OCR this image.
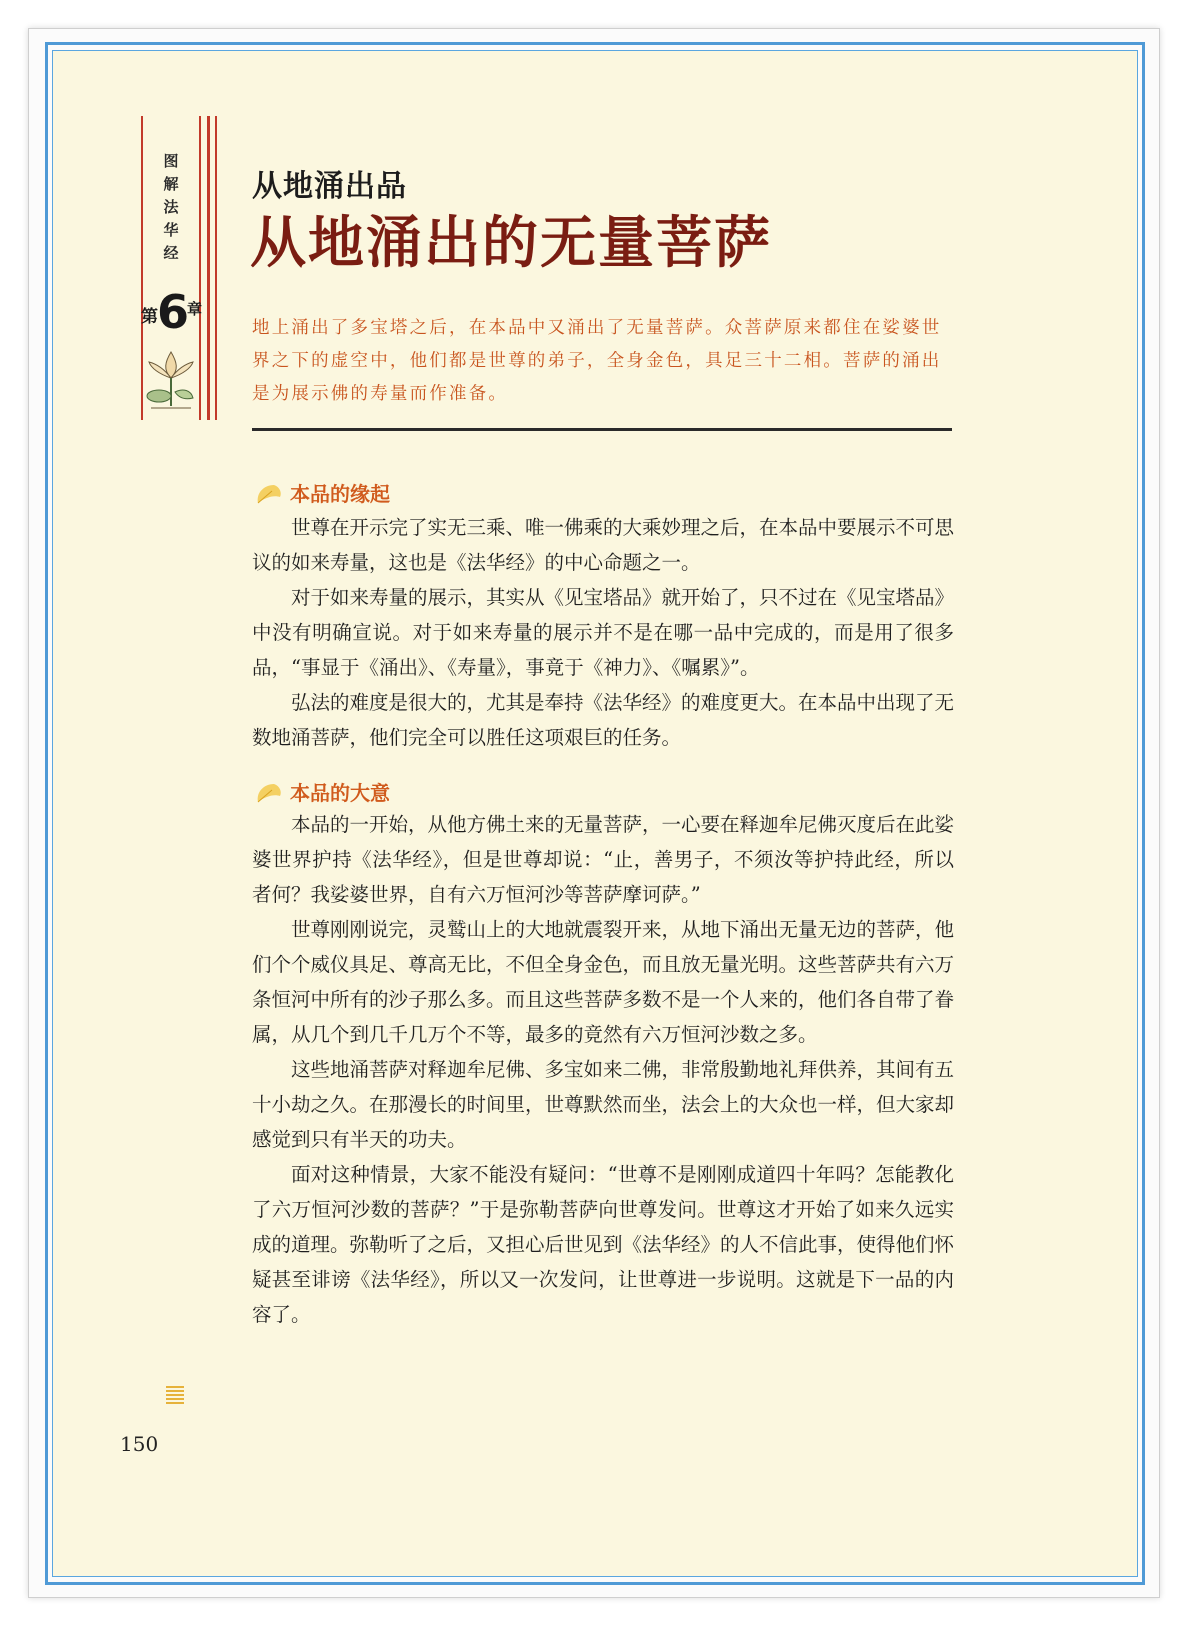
图
解
法
华
经
第 6
章
从地涌出品
从地涌出的无量菩萨
地上涌出了多宝塔之后，在本品中又涌出了无量菩萨。众菩萨原来都住在娑婆世界之下的虚空中，他们都是世尊的弟子，全身金色，具足三十二相。菩萨的涌出是为展示佛的寿量而作准备。
本品的缘起

世尊在开示完了实无三乘、唯一佛乘的大乘妙理之后，在本品中要展示不可思议的如来寿量，这也是《法华经》的中心命题之一。

对于如来寿量的展示，其实从《见宝塔品》就开始了，只不过在《见宝塔品》中没有明确宣说。对于如来寿量的展示并不是在哪一品中完成的，而是用了很多品，“事显于《涌出》、《寿量》，事竟于《神力》、《嘱累》”。

弘法的难度是很大的，尤其是奉持《法华经》的难度更大。在本品中出现了无数地涌菩萨，他们完全可以胜任这项艰巨的任务。

本品的大意

本品的一开始，从他方佛土来的无量菩萨，一心要在释迦牟尼佛灭度后在此娑婆世界护持《法华经》，但是世尊却说：“止，善男子，不须汝等护持此经，所以者何？我娑婆世界，自有六万恒河沙等菩萨摩诃萨。”

世尊刚刚说完，灵鹫山上的大地就震裂开来，从地下涌出无量无边的菩萨，他们个个威仪具足、尊高无比，不但全身金色，而且放无量光明。这些菩萨共有六万条恒河中所有的沙子那么多。而且这些菩萨多数不是一个人来的，他们各自带了眷属，从几个到几千几万个不等，最多的竟然有六万恒河沙数之多。

这些地涌菩萨对释迦牟尼佛、多宝如来二佛，非常殷勤地礼拜供养，其间有五十小劫之久。在那漫长的时间里，世尊默然而坐，法会上的大众也一样，但大家却感觉到只有半天的功夫。

面对这种情景，大家不能没有疑问：“世尊不是刚刚成道四十年吗？怎能教化了六万恒河沙数的菩萨？”于是弥勒菩萨向世尊发问。世尊这才开始了如来久远实成的道理。弥勒听了之后，又担心后世见到《法华经》的人不信此事，使得他们怀疑甚至诽谤《法华经》，所以又一次发问，让世尊进一步说明。这就是下一品的内容了。

150
